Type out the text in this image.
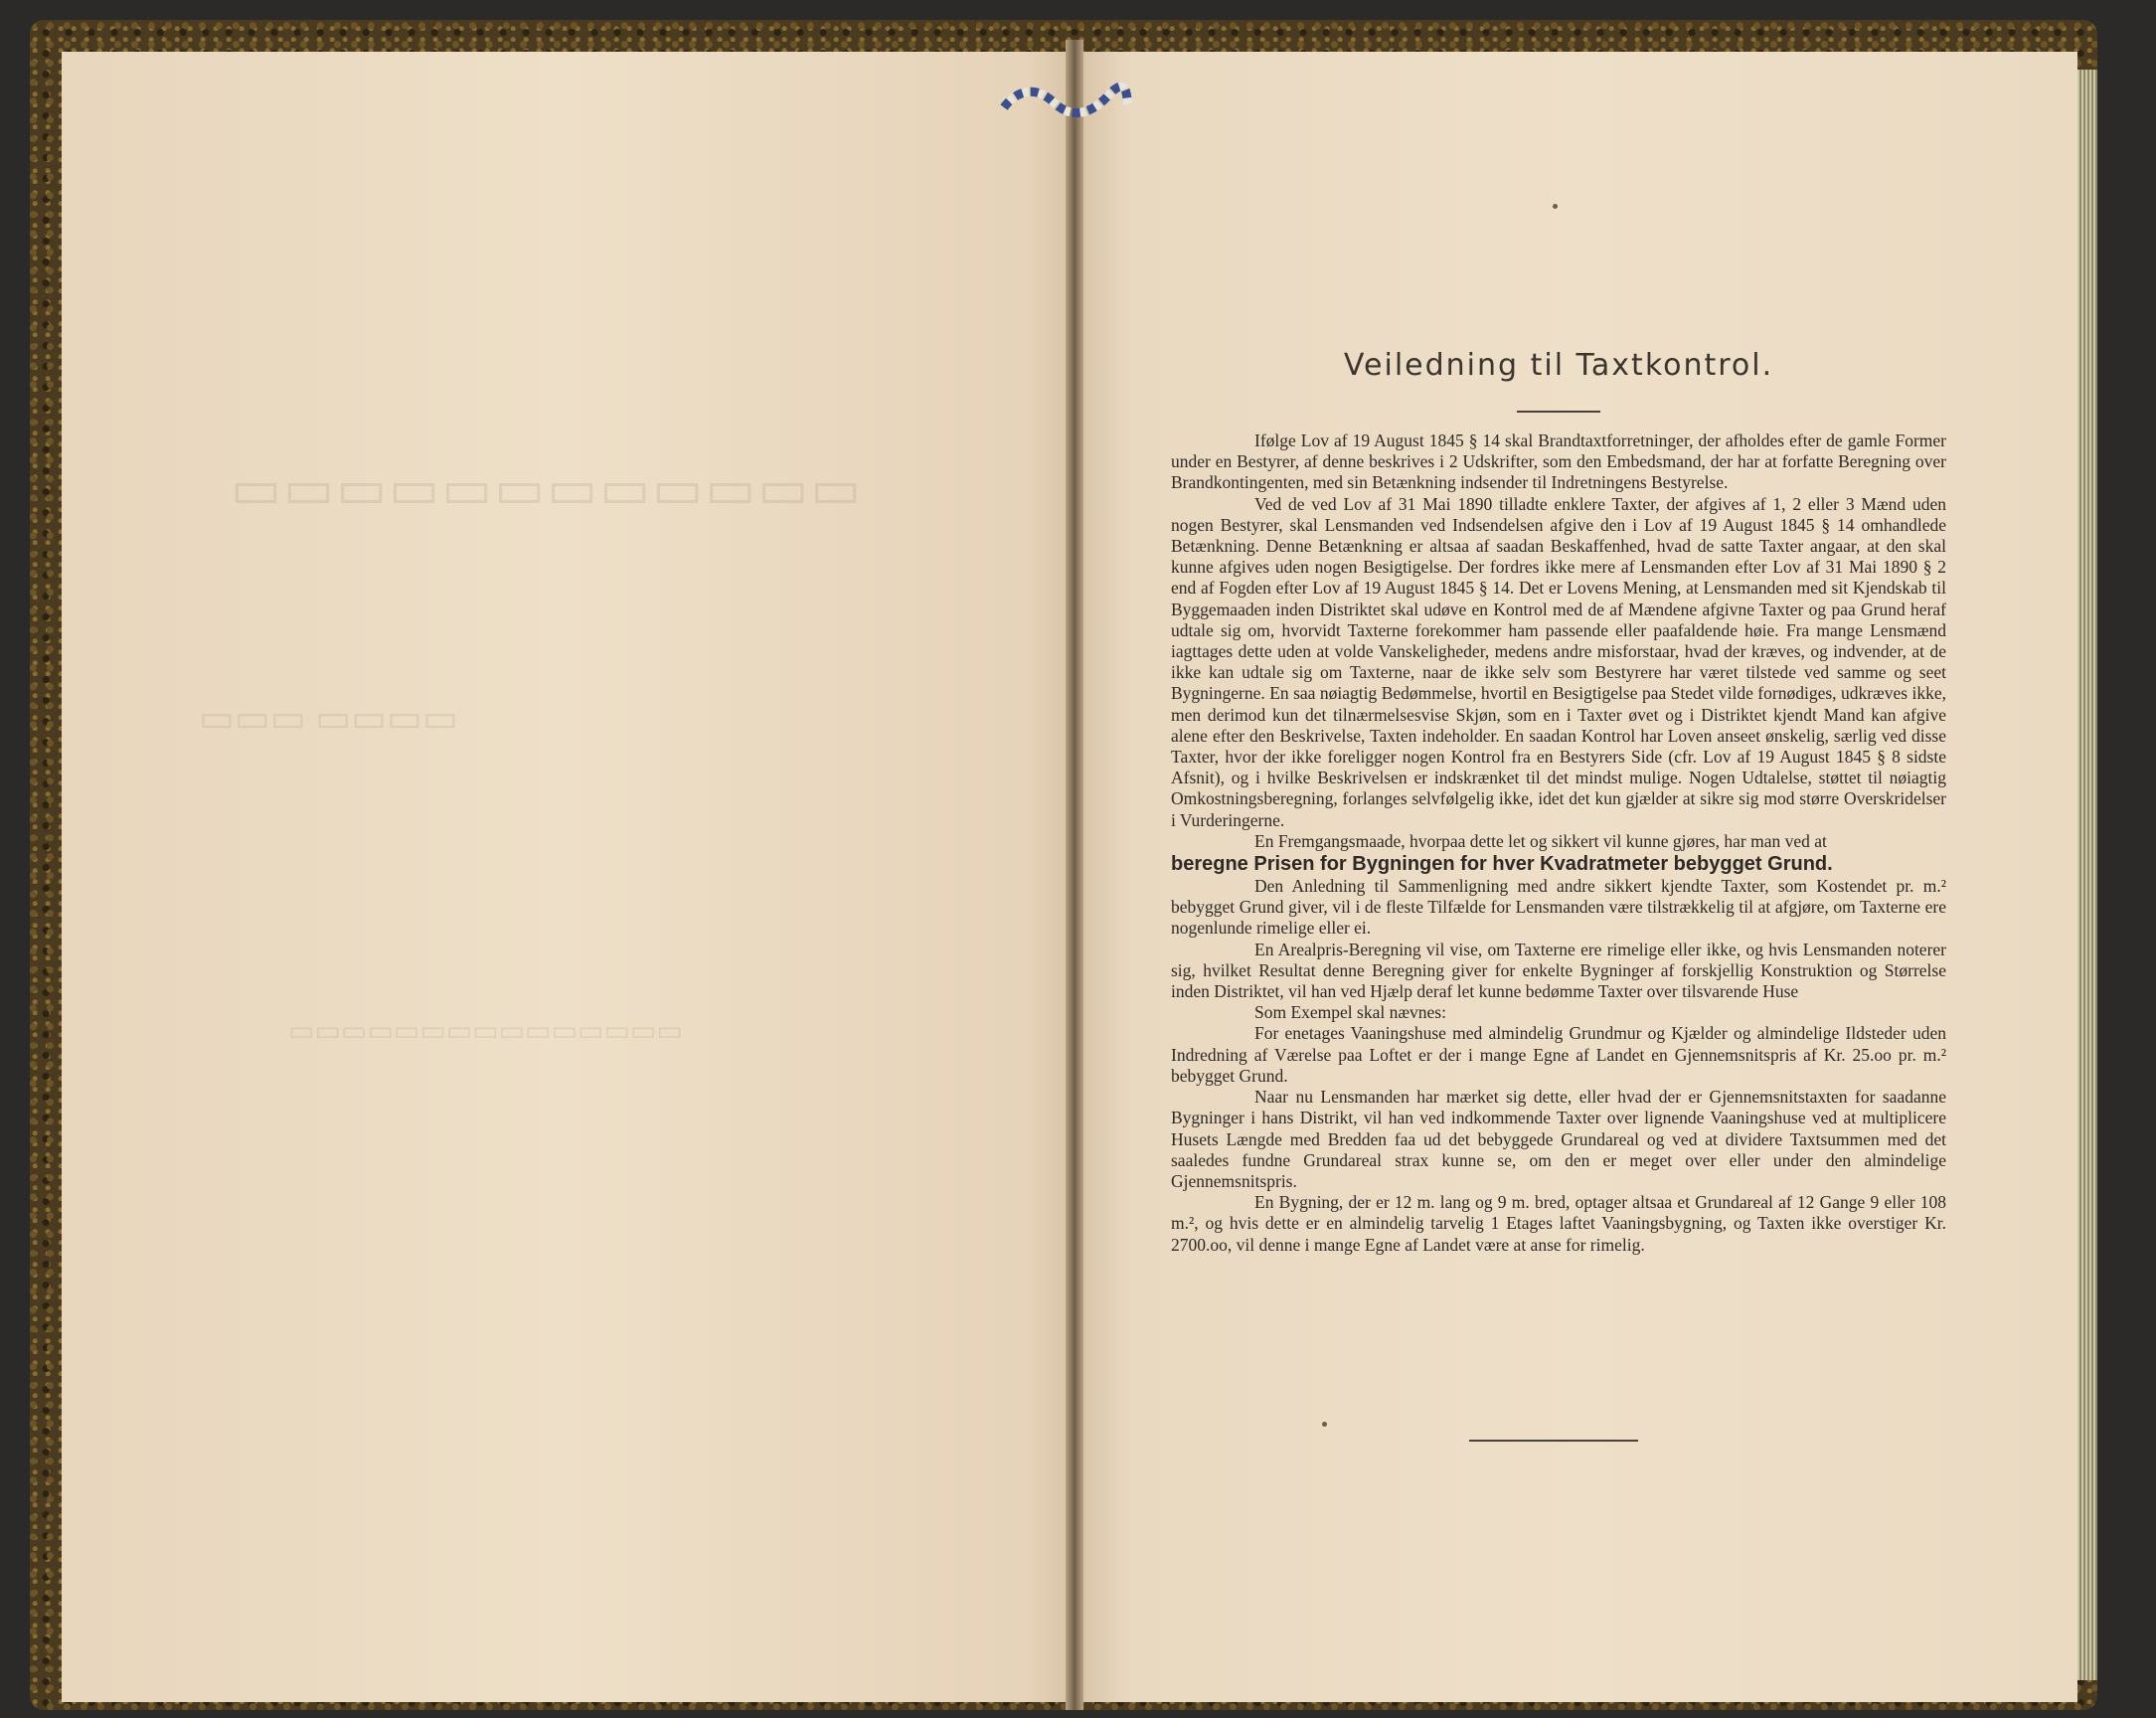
▭▭▭▭▭▭▭▭▭▭▭▭
▭▭▭▭ ▭▭▭
▭▭▭▭▭▭▭▭▭▭▭▭▭▭▭
Veiledning til Taxtkontrol.

Ifølge Lov af 19 August 1845 § 14 skal Brandtaxtforretninger, der afholdes efter de gamle Former under en Bestyrer, af denne beskrives i 2 Udskrifter, som den Embedsmand, der har at forfatte Beregning over Brandkontingenten, med sin Betænkning indsender til Indretningens Bestyrelse.

Ved de ved Lov af 31 Mai 1890 tilladte enklere Taxter, der afgives af 1, 2 eller 3 Mænd uden nogen Bestyrer, skal Lensmanden ved Indsendelsen afgive den i Lov af 19 August 1845 § 14 omhandlede Betænkning. Denne Betænkning er altsaa af saadan Beskaffenhed, hvad de satte Taxter angaar, at den skal kunne afgives uden nogen Besigtigelse. Der fordres ikke mere af Lensmanden efter Lov af 31 Mai 1890 § 2 end af Fogden efter Lov af 19 August 1845 § 14. Det er Lovens Mening, at Lensmanden med sit Kjendskab til Byggemaaden inden Distriktet skal udøve en Kontrol med de af Mændene afgivne Taxter og paa Grund heraf udtale sig om, hvorvidt Taxterne forekommer ham passende eller paafaldende høie. Fra mange Lensmænd iagttages dette uden at volde Vanskeligheder, medens andre misforstaar, hvad der kræves, og indvender, at de ikke kan udtale sig om Taxterne, naar de ikke selv som Bestyrere har været tilstede ved samme og seet Bygningerne. En saa nøiagtig Bedømmelse, hvortil en Besigtigelse paa Stedet vilde fornødiges, udkræves ikke, men derimod kun det tilnærmelsesvise Skjøn, som en i Taxter øvet og i Distriktet kjendt Mand kan afgive alene efter den Beskrivelse, Taxten indeholder. En saadan Kontrol har Loven anseet ønskelig, særlig ved disse Taxter, hvor der ikke foreligger nogen Kontrol fra en Bestyrers Side (cfr. Lov af 19 August 1845 § 8 sidste Afsnit), og i hvilke Beskrivelsen er indskrænket til det mindst mulige. Nogen Udtalelse, støttet til nøiagtig Omkostningsberegning, forlanges selvfølgelig ikke, idet det kun gjælder at sikre sig mod større Overskridelser i Vurderingerne.

En Fremgangsmaade, hvorpaa dette let og sikkert vil kunne gjøres, har man ved at

beregne Prisen for Bygningen for hver Kvadratmeter bebygget Grund.

Den Anledning til Sammenligning med andre sikkert kjendte Taxter, som Kostendet pr. m.² bebygget Grund giver, vil i de fleste Tilfælde for Lensmanden være tilstrækkelig til at afgjøre, om Taxterne ere nogenlunde rimelige eller ei.

En Arealpris-Beregning vil vise, om Taxterne ere rimelige eller ikke, og hvis Lensmanden noterer sig, hvilket Resultat denne Beregning giver for enkelte Bygninger af forskjellig Konstruktion og Størrelse inden Distriktet, vil han ved Hjælp deraf let kunne bedømme Taxter over tilsvarende Huse

Som Exempel skal nævnes:

For enetages Vaaningshuse med almindelig Grundmur og Kjælder og almindelige Ildsteder uden Indredning af Værelse paa Loftet er der i mange Egne af Landet en Gjennemsnitspris af Kr. 25.oo pr. m.² bebygget Grund.

Naar nu Lensmanden har mærket sig dette, eller hvad der er Gjennemsnitstaxten for saadanne Bygninger i hans Distrikt, vil han ved indkommende Taxter over lignende Vaaningshuse ved at multiplicere Husets Længde med Bredden faa ud det bebyggede Grundareal og ved at dividere Taxtsummen med det saaledes fundne Grundareal strax kunne se, om den er meget over eller under den almindelige Gjennemsnitspris.

En Bygning, der er 12 m. lang og 9 m. bred, optager altsaa et Grundareal af 12 Gange 9 eller 108 m.², og hvis dette er en almindelig tarvelig 1 Etages laftet Vaaningsbygning, og Taxten ikke overstiger Kr. 2700.oo, vil denne i mange Egne af Landet være at anse for rimelig.
